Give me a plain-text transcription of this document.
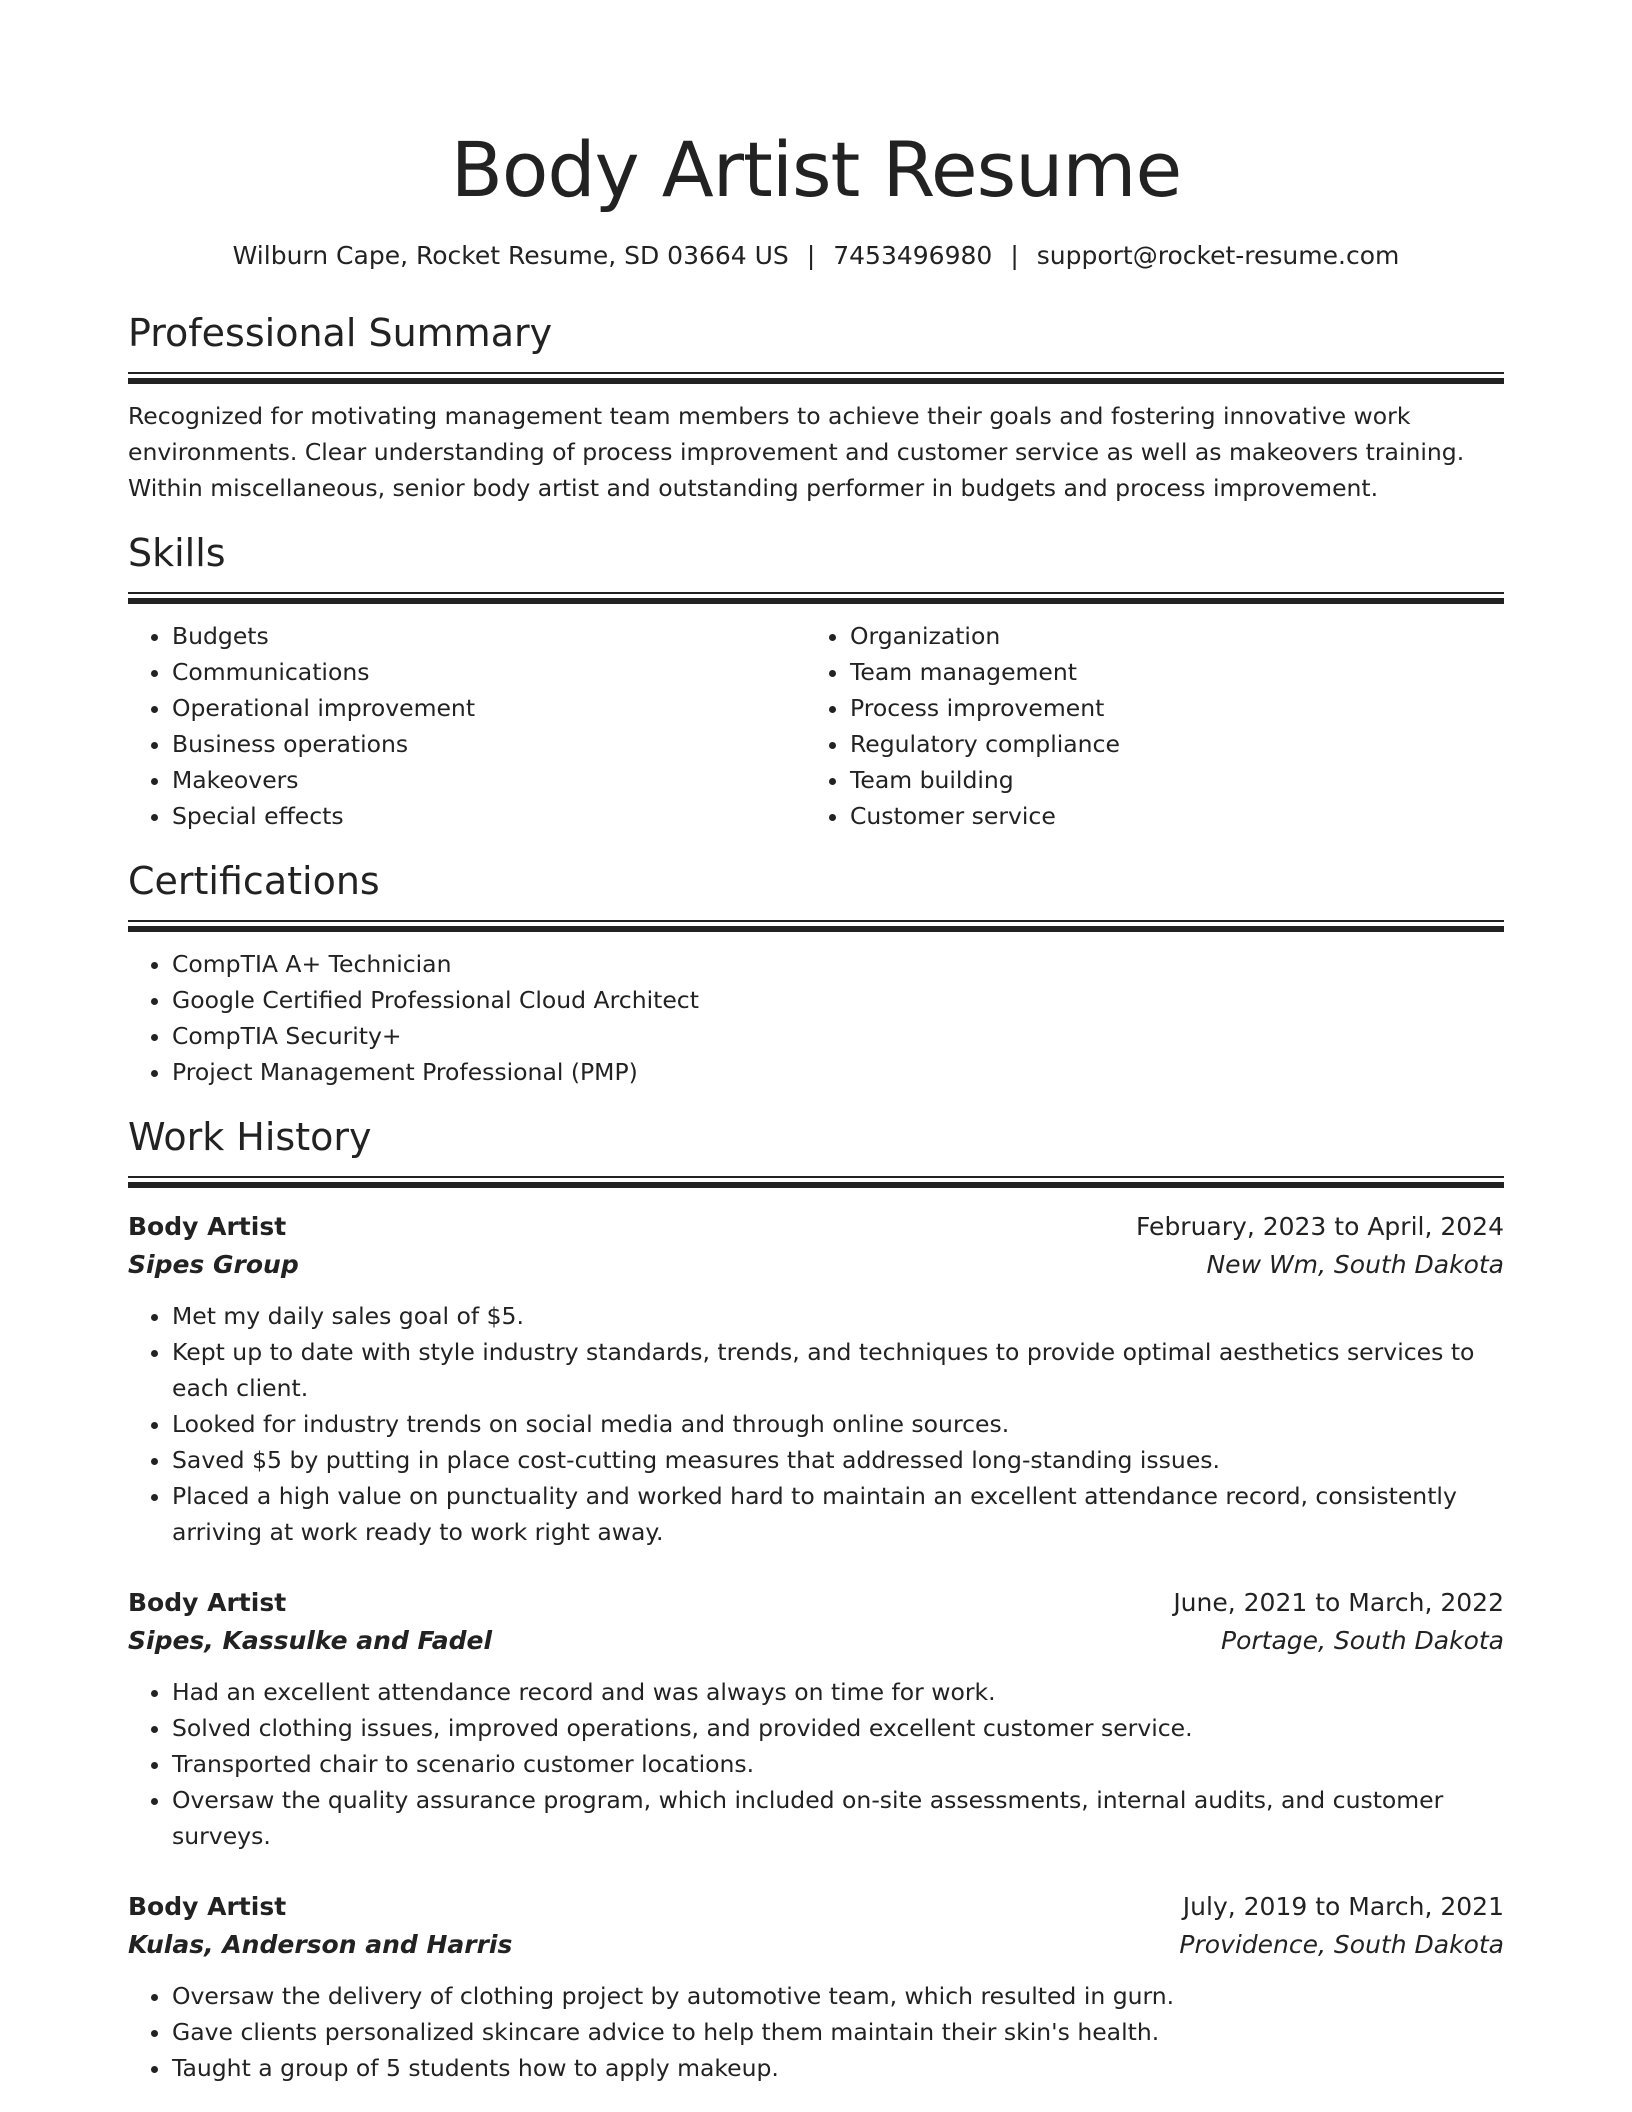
Body Artist Resume
Wilburn Cape, Rocket Resume, SD 03664 US | 7453496980 | support@rocket-resume.com
Professional Summary

Recognized for motivating management team members to achieve their goals and fostering innovative work environments. Clear understanding of process improvement and customer service as well as makeovers training. Within miscellaneous, senior body artist and outstanding performer in budgets and process improvement.

Skills
• Budgets
• Communications
• Operational improvement
• Business operations
• Makeovers
• Special effects
• Organization
• Team management
• Process improvement
• Regulatory compliance
• Team building
• Customer service
Certifications
• CompTIA A+ Technician
• Google Certified Professional Cloud Architect
• CompTIA Security+
• Project Management Professional (PMP)
Work History
Body Artist	February, 2023 to April, 2024
Sipes Group	New Wm, South Dakota
• Met my daily sales goal of $5.
• Kept up to date with style industry standards, trends, and techniques to provide optimal aesthetics services to each client.
• Looked for industry trends on social media and through online sources.
• Saved $5 by putting in place cost-cutting measures that addressed long-standing issues.
• Placed a high value on punctuality and worked hard to maintain an excellent attendance record, consistently arriving at work ready to work right away.
Body Artist	June, 2021 to March, 2022
Sipes, Kassulke and Fadel	Portage, South Dakota
• Had an excellent attendance record and was always on time for work.
• Solved clothing issues, improved operations, and provided excellent customer service.
• Transported chair to scenario customer locations.
• Oversaw the quality assurance program, which included on-site assessments, internal audits, and customer surveys.
Body Artist	July, 2019 to March, 2021
Kulas, Anderson and Harris	Providence, South Dakota
• Oversaw the delivery of clothing project by automotive team, which resulted in gurn.
• Gave clients personalized skincare advice to help them maintain their skin's health.
• Taught a group of 5 students how to apply makeup.
